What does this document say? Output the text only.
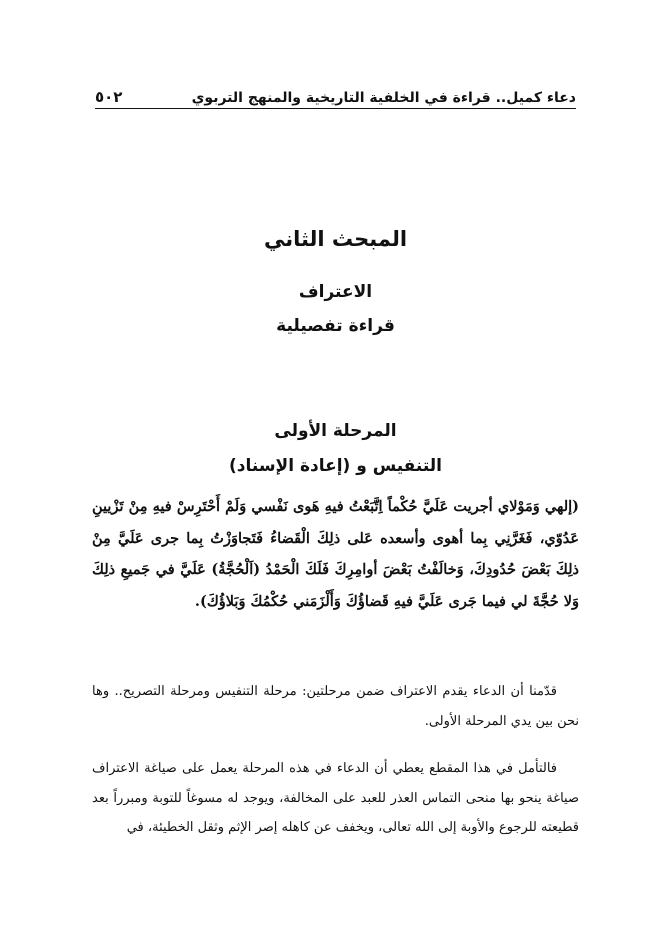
دعاء كميل.. قراءة في الخلفية التاريخية والمنهج التربوي
٥٠٢
المبحث الثاني
الاعتراف
قراءة تفصيلية
المرحلة الأولى
التنفيس و (إعادة الإسناد)
(إلهي وَمَوْلاي أجريت عَلَيَّ حُكْماً اِتَّبَعْتُ فيهِ هَوى نَفْسي وَلَمْ أَحْتَرِسْ فيهِ مِنْ تَزْيينِ عَدُوّي، فَغَرَّنِي بِما أهوى وأسعده عَلى ذلِكَ الْقَضاءُ فَتَجاوَزْتُ بِما جرى عَلَيَّ مِنْ ذلِكَ بَعْضَ حُدُودِكَ، وَخالَفْتُ بَعْضَ أوامِرِكَ فَلَكَ الْحَمْدُ (اَلْحُجَّةُ) عَلَيَّ في جَميعِ ذلِكَ وَلا حُجَّةَ لي فيما جَرى عَلَيَّ فيهِ قَضاؤُكَ وَأَلْزَمَني حُكْمُكَ وَبَلاؤُكَ).
قدّمنا أن الدعاء يقدم الاعتراف ضمن مرحلتين: مرحلة التنفيس ومرحلة التصريح.. وها نحن بين يدي المرحلة الأولى.
فالتأمل في هذا المقطع يعطي أن الدعاء في هذه المرحلة يعمل على صياغة الاعتراف صياغة ينحو بها منحى التماس العذر للعبد على المخالفة، ويوجد له مسوغاً للتوبة ومبرراً بعد قطيعته للرجوع والأوبة إلى الله تعالى، ويخفف عن كاهله إصر الإثم وثقل الخطيئة، في
